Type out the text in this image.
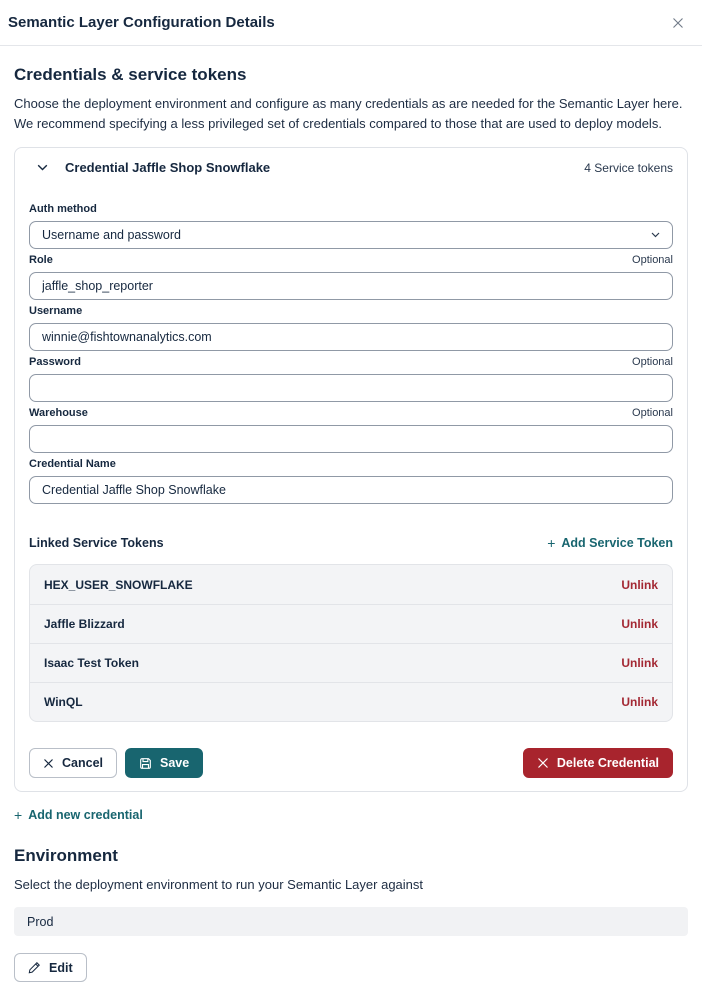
Semantic Layer Configuration Details
Credentials & service tokens

Choose the deployment environment and configure as many credentials as are needed for the Semantic Layer here. We recommend specifying a less privileged set of credentials compared to those that are used to deploy models.

Credential Jaffle Shop Snowflake	4 Service tokens
Auth method
Username and password
Role	Optional
jaffle_shop_reporter
Username
winnie@fishtownanalytics.com
Password	Optional
Warehouse	Optional
Credential Name
Credential Jaffle Shop Snowflake
Linked Service Tokens	+ Add Service Token
HEX_USER_SNOWFLAKE	Unlink
Jaffle Blizzard	Unlink
Isaac Test Token	Unlink
WinQL	Unlink
Cancel	Save	Delete Credential
+ Add new credential
Environment

Select the deployment environment to run your Semantic Layer against

Prod
Edit
